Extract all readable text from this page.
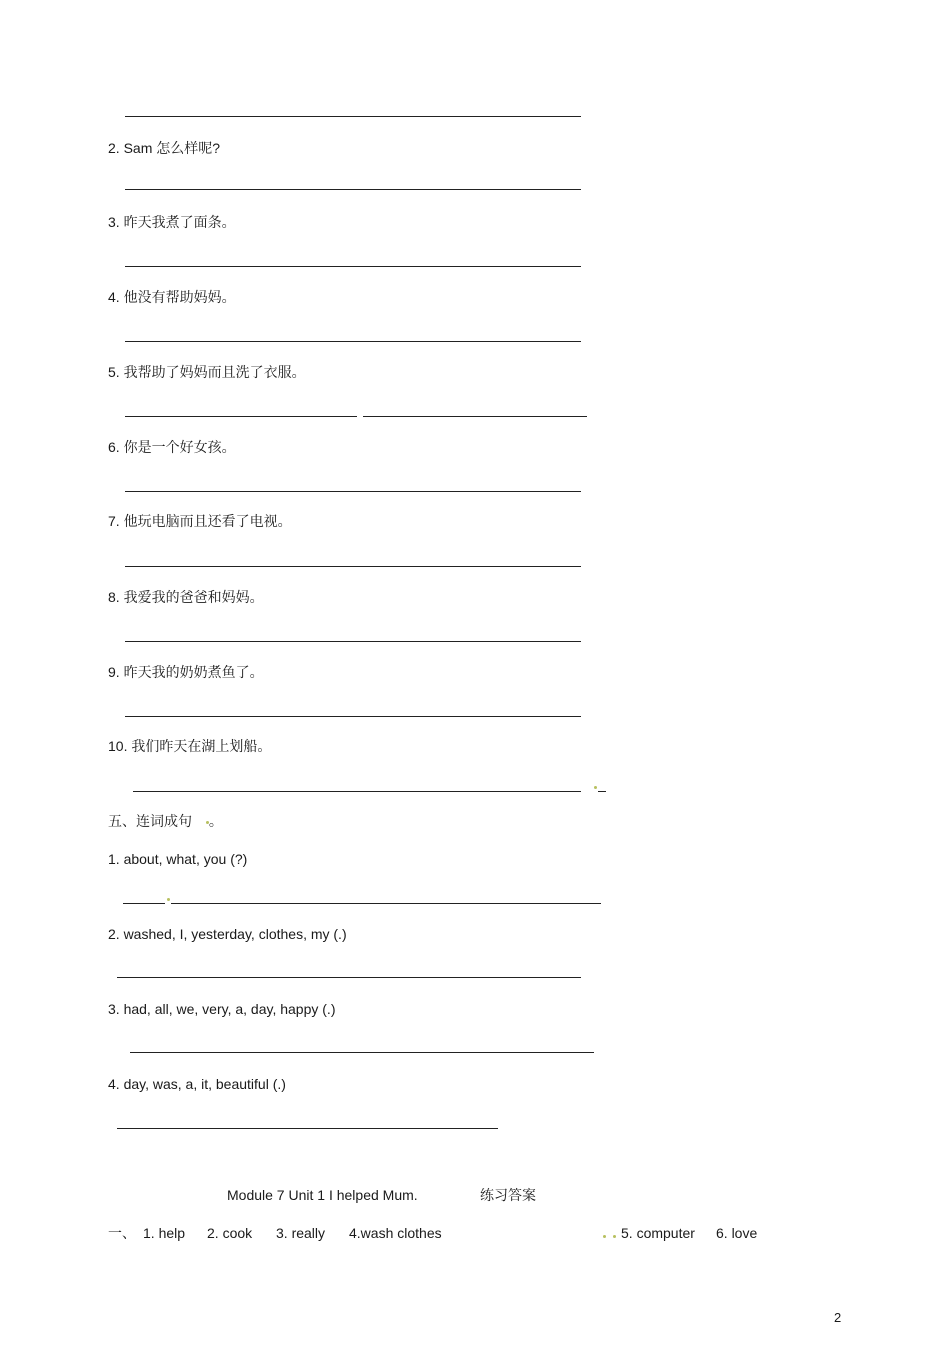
2. Sam 怎么样呢?
3. 昨天我煮了面条。
4. 他没有帮助妈妈。
5. 我帮助了妈妈而且洗了衣服。
6. 你是一个好女孩。
7. 他玩电脑而且还看了电视。
8. 我爱我的爸爸和妈妈。
9. 昨天我的奶奶煮鱼了。
10. 我们昨天在湖上划船。
五、连词成句 。
1. about, what, you (?)
2. washed, I, yesterday, clothes, my (.)
3. had, all, we, very, a, day, happy (.)
4. day, was, a, it, beautiful (.)
Module 7 Unit 1 I helped Mum.	练习答案
一、 1. help 2. cook 3. really 4.wash clothes	5. computer 6. love
2
